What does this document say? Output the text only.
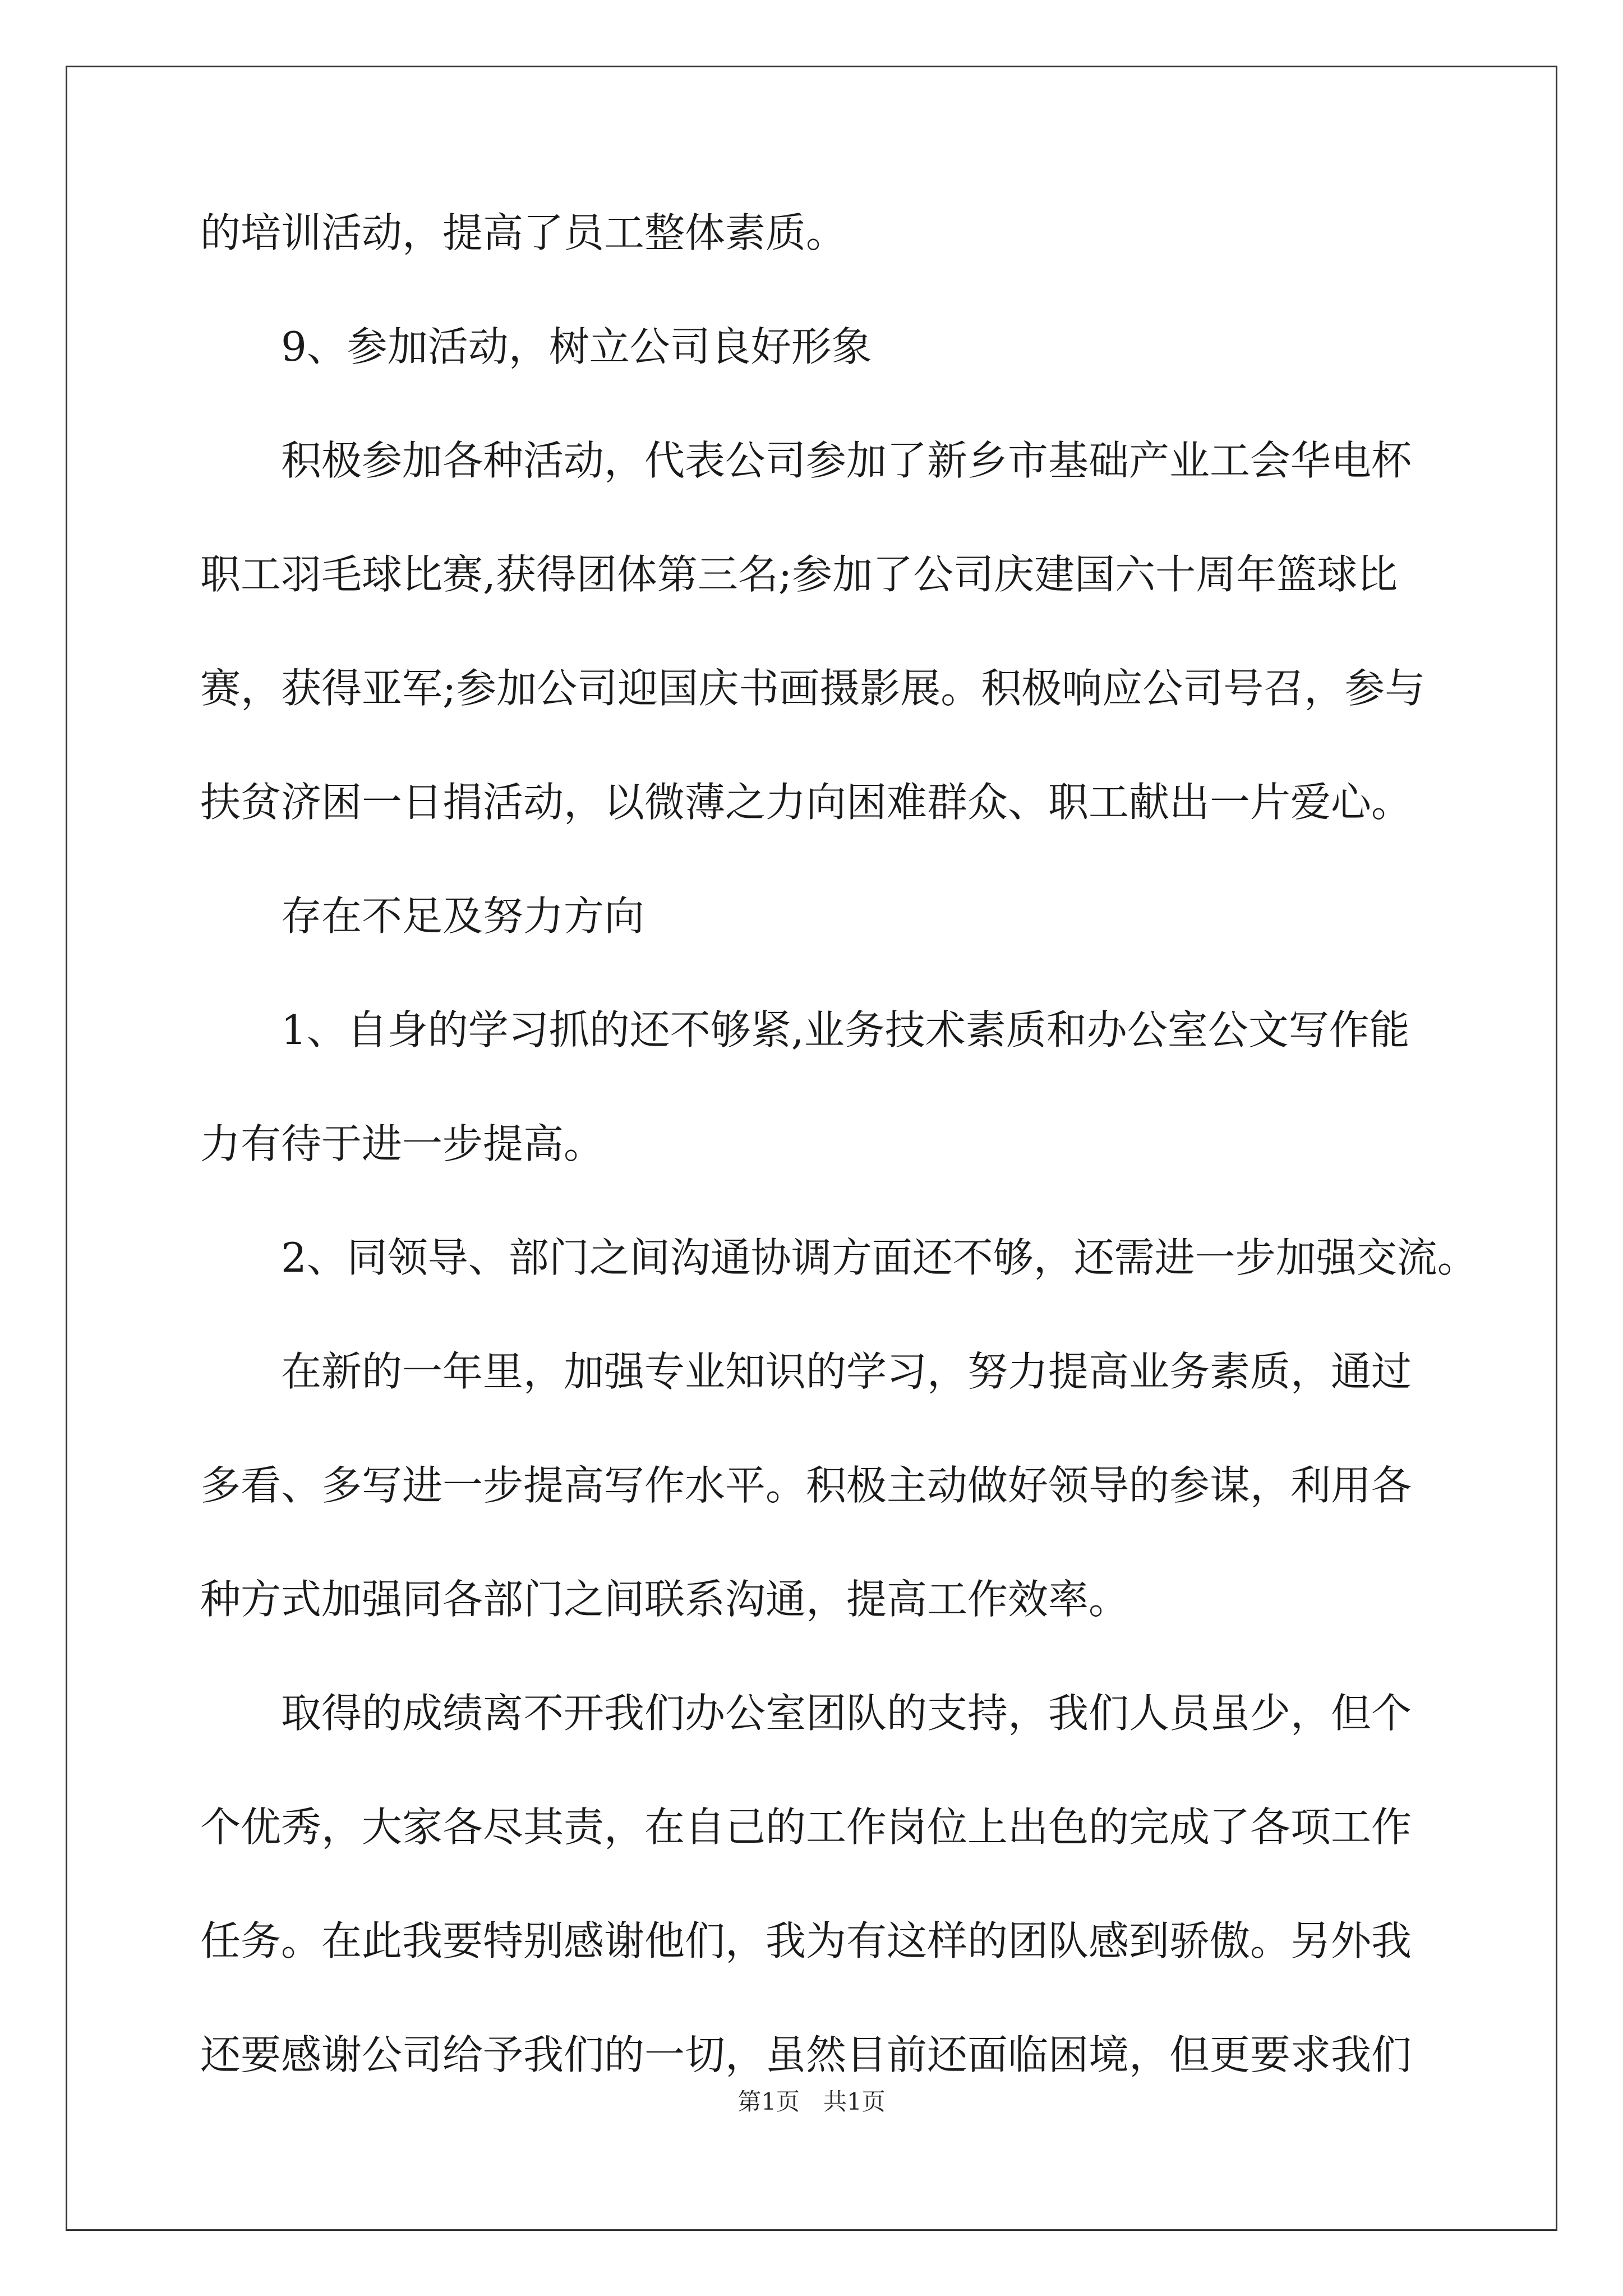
的培训活动，提高了员工整体素质。
9、参加活动，树立公司良好形象
积极参加各种活动，代表公司参加了新乡市基础产业工会华电杯
职工羽毛球比赛,获得团体第三名;参加了公司庆建国六十周年篮球比
赛，获得亚军;参加公司迎国庆书画摄影展。积极响应公司号召，参与
扶贫济困一日捐活动，以微薄之力向困难群众、职工献出一片爱心。
存在不足及努力方向
1、自身的学习抓的还不够紧,业务技术素质和办公室公文写作能
力有待于进一步提高。
2、同领导、部门之间沟通协调方面还不够，还需进一步加强交流。
在新的一年里，加强专业知识的学习，努力提高业务素质，通过
多看、多写进一步提高写作水平。积极主动做好领导的参谋，利用各
种方式加强同各部门之间联系沟通，提高工作效率。
取得的成绩离不开我们办公室团队的支持，我们人员虽少，但个
个优秀，大家各尽其责，在自己的工作岗位上出色的完成了各项工作
任务。在此我要特别感谢他们，我为有这样的团队感到骄傲。另外我
还要感谢公司给予我们的一切，虽然目前还面临困境，但更要求我们
第1页　共1页
